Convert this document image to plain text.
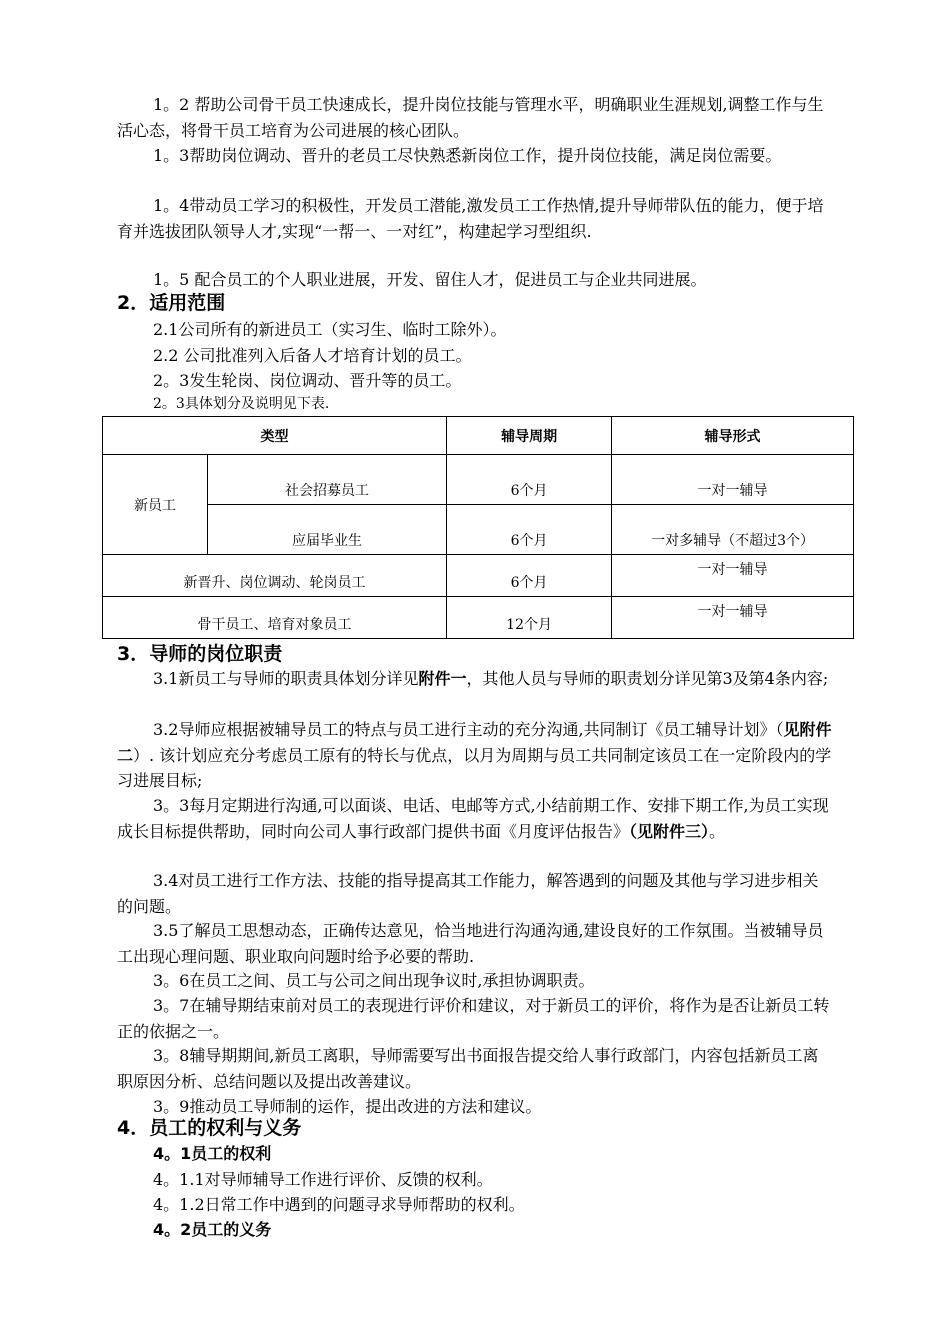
1。2 帮助公司骨干员工快速成长，提升岗位技能与管理水平，明确职业生涯规划,调整工作与生活心态，将骨干员工培育为公司进展的核心团队。

1。3帮助岗位调动、晋升的老员工尽快熟悉新岗位工作，提升岗位技能，满足岗位需要。

1。4带动员工学习的积极性，开发员工潜能,激发员工工作热情,提升导师带队伍的能力，便于培育并选拔团队领导人才,实现“一帮一、一对红”，构建起学习型组织.

1。5 配合员工的个人职业进展，开发、留住人才，促进员工与企业共同进展。

2．适用范围

2.1公司所有的新进员工（实习生、临时工除外）。

2.2 公司批准列入后备人才培育计划的员工。

2。3发生轮岗、岗位调动、晋升等的员工。

2。3具体划分及说明见下表.

类型		辅导周期	辅导形式
新员工	社会招募员工	6个月	一对一辅导
	应届毕业生	6个月	一对多辅导（不超过3个）
新晋升、岗位调动、轮岗员工		6个月	一对一辅导
骨干员工、培育对象员工		12个月	一对一辅导
3．导师的岗位职责

3.1新员工与导师的职责具体划分详见附件一，其他人员与导师的职责划分详见第3及第4条内容;

3.2导师应根据被辅导员工的特点与员工进行主动的充分沟通,共同制订《员工辅导计划》（见附件二）. 该计划应充分考虑员工原有的特长与优点，以月为周期与员工共同制定该员工在一定阶段内的学习进展目标;

3。3每月定期进行沟通,可以面谈、电话、电邮等方式,小结前期工作、安排下期工作,为员工实现成长目标提供帮助，同时向公司人事行政部门提供书面《月度评估报告》（见附件三）。

3.4对员工进行工作方法、技能的指导提高其工作能力，解答遇到的问题及其他与学习进步相关的问题。

3.5了解员工思想动态，正确传达意见，恰当地进行沟通沟通,建设良好的工作氛围。当被辅导员工出现心理问题、职业取向问题时给予必要的帮助.

3。6在员工之间、员工与公司之间出现争议时,承担协调职责。

3。7在辅导期结束前对员工的表现进行评价和建议，对于新员工的评价，将作为是否让新员工转正的依据之一。

3。8辅导期期间,新员工离职，导师需要写出书面报告提交给人事行政部门，内容包括新员工离职原因分析、总结问题以及提出改善建议。

3。9推动员工导师制的运作，提出改进的方法和建议。

4．员工的权利与义务
4。1员工的权利

4。1.1对导师辅导工作进行评价、反馈的权利。

4。1.2日常工作中遇到的问题寻求导师帮助的权利。

4。2员工的义务
